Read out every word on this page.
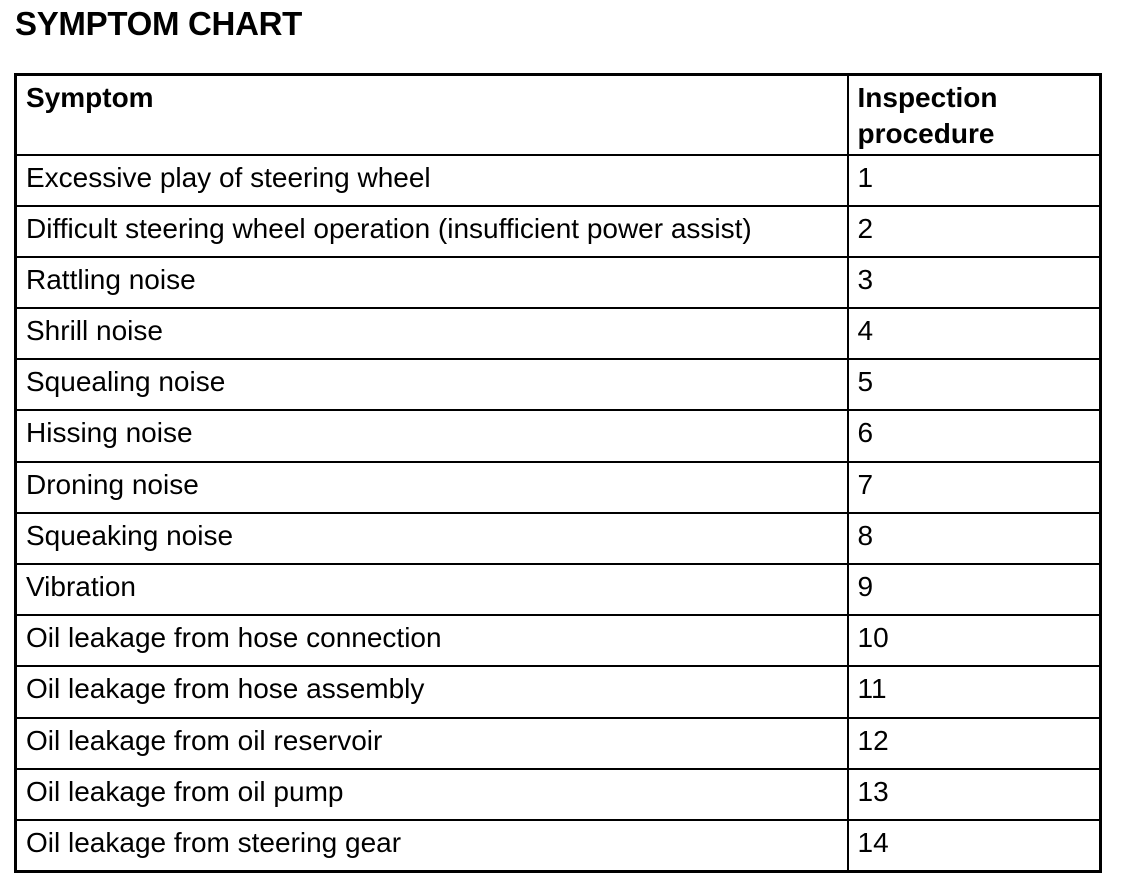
SYMPTOM CHART
Symptom	Inspection procedure
Excessive play of steering wheel	1
Difficult steering wheel operation (insufficient power assist)	2
Rattling noise	3
Shrill noise	4
Squealing noise	5
Hissing noise	6
Droning noise	7
Squeaking noise	8
Vibration	9
Oil leakage from hose connection	10
Oil leakage from hose assembly	11
Oil leakage from oil reservoir	12
Oil leakage from oil pump	13
Oil leakage from steering gear	14
